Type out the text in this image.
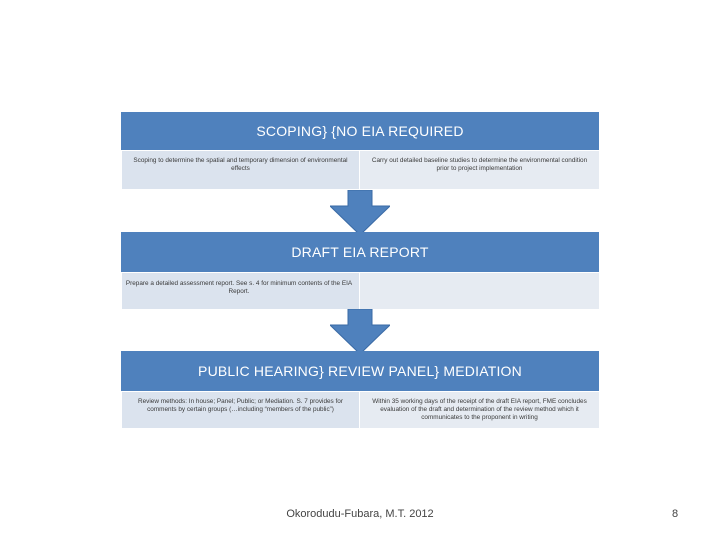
SCOPING} {NO EIA REQUIRED
Scoping to determine the spatial and temporary dimension of environmental effects
Carry out detailed baseline studies to determine the environmental condition prior to project implementation
DRAFT EIA REPORT
Prepare a detailed assessment report. See s. 4 for minimum contents of the EIA Report.
PUBLIC HEARING} REVIEW PANEL} MEDIATION
Review methods: In house; Panel; Public; or Mediation. S. 7 provides for comments by certain groups (…including “members of the public”)
Within 35 working days of the receipt of the draft EIA report, FME concludes evaluation of the draft and determination of the review method which it communicates to the proponent in writing
Okorodudu-Fubara, M.T. 2012	8
